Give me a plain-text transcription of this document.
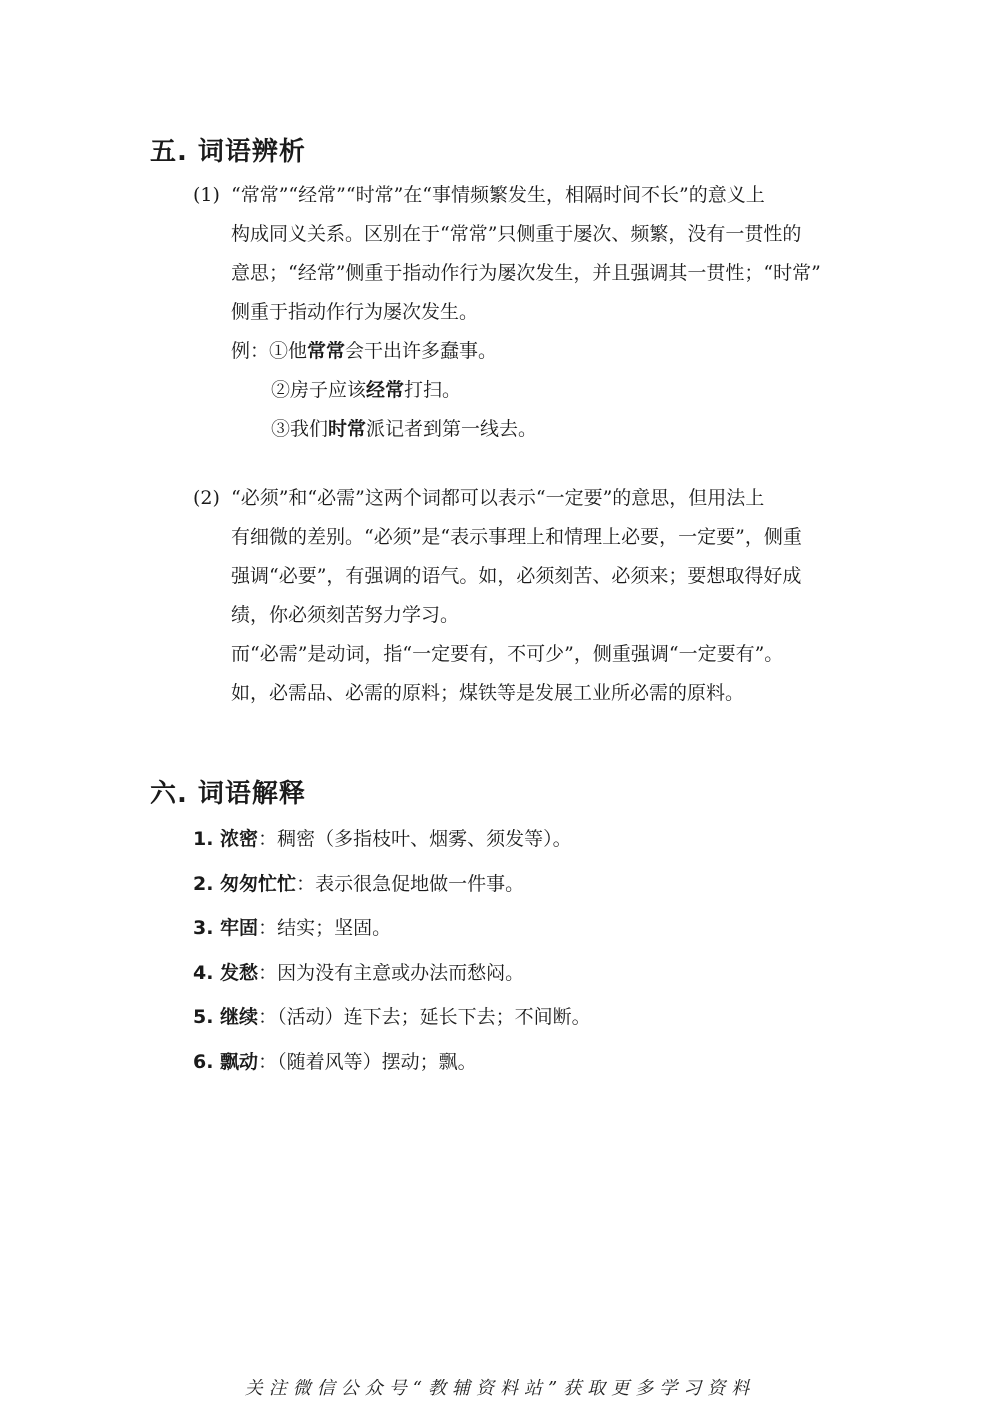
五. 词语辨析
(1) “常常”“经常”“时常”在“事情频繁发生，相隔时间不长”的意义上
构成同义关系。区别在于“常常”只侧重于屡次、频繁，没有一贯性的
意思；“经常”侧重于指动作行为屡次发生，并且强调其一贯性；“时常”
侧重于指动作行为屡次发生。
例：①他常常会干出许多蠢事。
②房子应该经常打扫。
③我们时常派记者到第一线去。
(2) “必须”和“必需”这两个词都可以表示“一定要”的意思，但用法上
有细微的差别。“必须”是“表示事理上和情理上必要，一定要”，侧重
强调“必要”，有强调的语气。如，必须刻苦、必须来；要想取得好成
绩，你必须刻苦努力学习。
而“必需”是动词，指“一定要有，不可少”，侧重强调“一定要有”。
如，必需品、必需的原料；煤铁等是发展工业所必需的原料。
六. 词语解释
1. 浓密：稠密（多指枝叶、烟雾、须发等）。
2. 匆匆忙忙：表示很急促地做一件事。
3. 牢固：结实；坚固。
4. 发愁：因为没有主意或办法而愁闷。
5. 继续：（活动）连下去；延长下去；不间断。
6. 飘动：（随着风等）摆动；飘。
关注微信公众号“教辅资料站”获取更多学习资料
